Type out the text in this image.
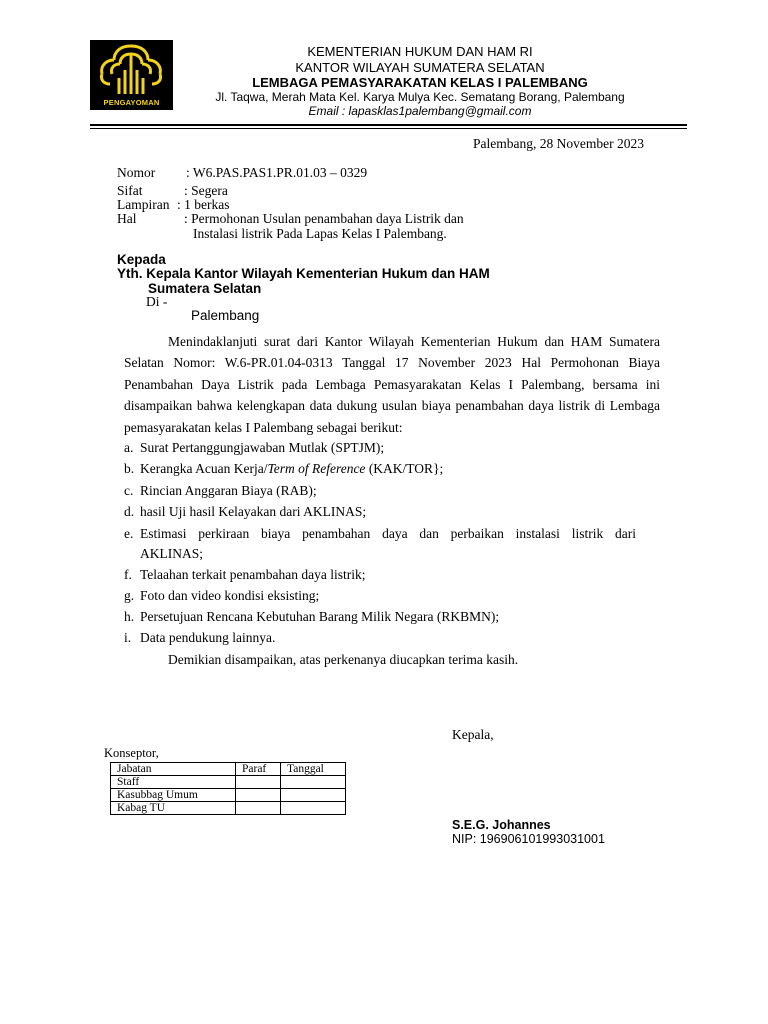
PENGAYOMAN
KEMENTERIAN HUKUM DAN HAM RI
KANTOR WILAYAH SUMATERA SELATAN
LEMBAGA PEMASYARAKATAN KELAS I PALEMBANG
Jl. Taqwa, Merah Mata Kel. Karya Mulya Kec. Sematang Borang, Palembang
Email : lapasklas1palembang@gmail.com
Palembang, 28 November 2023
Nomor : W6.PAS.PAS1.PR.01.03 – 0329
Sifat	: Segera
Lampiran : 1 berkas
Hal	: Permohonan Usulan penambahan daya Listrik dan
Instalasi listrik Pada Lapas Kelas I Palembang.
Kepada
Yth. Kepala Kantor Wilayah Kementerian Hukum dan HAM
Sumatera Selatan
Di -
Palembang
Menindaklanjuti surat dari Kantor Wilayah Kementerian Hukum dan HAM Sumatera Selatan Nomor: W.6-PR.01.04-0313 Tanggal 17 November 2023 Hal Permohonan Biaya Penambahan Daya Listrik pada Lembaga Pemasyarakatan Kelas I Palembang, bersama ini disampaikan bahwa kelengkapan data dukung usulan biaya penambahan daya listrik di Lembaga pemasyarakatan kelas I Palembang sebagai berikut:
a. Surat Pertanggungjawaban Mutlak (SPTJM);
b. Kerangka Acuan Kerja/Term of Reference (KAK/TOR};
c. Rincian Anggaran Biaya (RAB);
d. hasil Uji hasil Kelayakan dari AKLINAS;
e. Estimasi perkiraan biaya penambahan daya dan perbaikan instalasi listrik dari
AKLINAS;
f. Telaahan terkait penambahan daya listrik;
g. Foto dan video kondisi eksisting;
h. Persetujuan Rencana Kebutuhan Barang Milik Negara (RKBMN);
i. Data pendukung lainnya.
Demikian disampaikan, atas perkenanya diucapkan terima kasih.
Kepala,
S.E.G. Johannes
NIP: 196906101993031001
Konseptor,
Jabatan	Paraf	Tanggal
Staff		
Kasubbag Umum		
Kabag TU		
